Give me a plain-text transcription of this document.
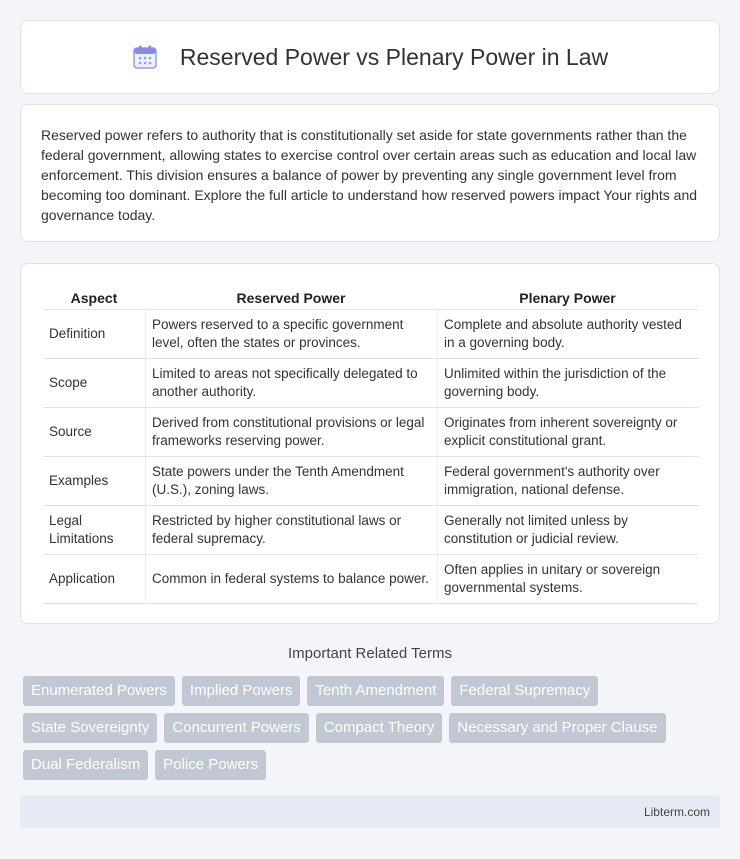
Reserved Power vs Plenary Power in Law

Reserved power refers to authority that is constitutionally set aside for state governments rather than the federal government, allowing states to exercise control over certain areas such as education and local law enforcement. This division ensures a balance of power by preventing any single government level from becoming too dominant. Explore the full article to understand how reserved powers impact Your rights and governance today.

Aspect	Reserved Power	Plenary Power
Definition	Powers reserved to a specific government level, often the states or provinces.	Complete and absolute authority vested in a governing body.
Scope	Limited to areas not specifically delegated to another authority.	Unlimited within the jurisdiction of the governing body.
Source	Derived from constitutional provisions or legal frameworks reserving power.	Originates from inherent sovereignty or explicit constitutional grant.
Examples	State powers under the Tenth Amendment (U.S.), zoning laws.	Federal government's authority over immigration, national defense.
Legal Limitations	Restricted by higher constitutional laws or federal supremacy.	Generally not limited unless by constitution or judicial review.
Application	Common in federal systems to balance power.	Often applies in unitary or sovereign governmental systems.
Important Related Terms
Enumerated Powers	Implied Powers	Tenth Amendment	Federal Supremacy
State Sovereignty	Concurrent Powers	Compact Theory	Necessary and Proper Clause
Dual Federalism	Police Powers
Libterm.com
